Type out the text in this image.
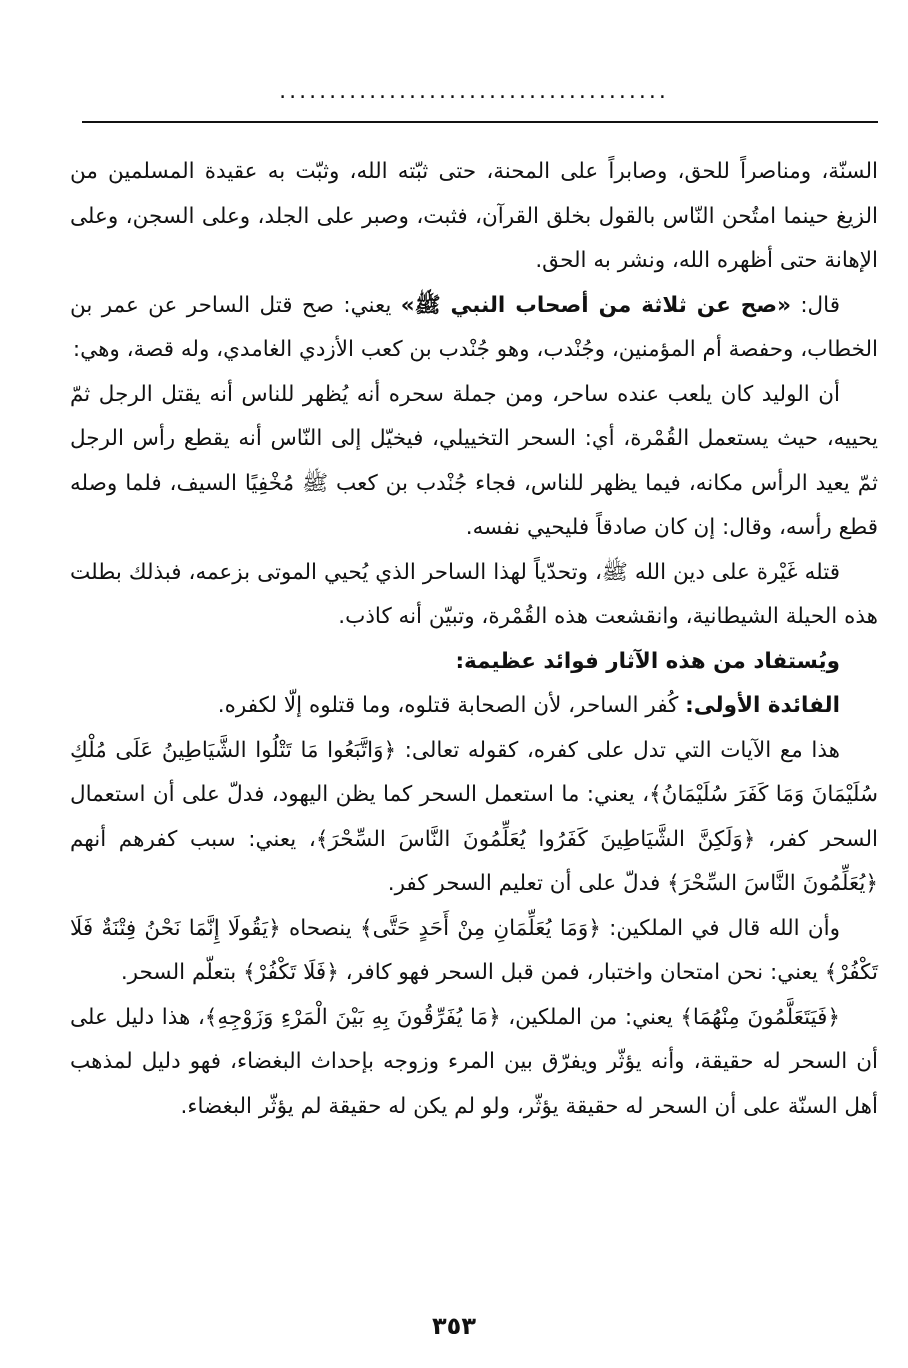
.......................................

السنّة، ومناصراً للحق، وصابراً على المحنة، حتى ثبّته الله، وثبّت به عقيدة المسلمين من الزيغ حينما امتُحن النّاس بالقول بخلق القرآن، فثبت، وصبر على الجلد، وعلى السجن، وعلى الإهانة حتى أظهره الله، ونشر به الحق.

قال: «صح عن ثلاثة من أصحاب النبي ﷺ» يعني: صح قتل الساحر عن عمر بن الخطاب، وحفصة أم المؤمنين، وجُنْدب، وهو جُنْدب بن كعب الأزدي الغامدي، وله قصة، وهي:

أن الوليد كان يلعب عنده ساحر، ومن جملة سحره أنه يُظهر للناس أنه يقتل الرجل ثمّ يحييه، حيث يستعمل القُمْرة، أي: السحر التخييلي، فيخيّل إلى النّاس أنه يقطع رأس الرجل ثمّ يعيد الرأس مكانه، فيما يظهر للناس، فجاء جُنْدب بن كعب ﷺ مُخْفِيًا السيف، فلما وصله قطع رأسه، وقال: إن كان صادقاً فليحيي نفسه.

قتله غَيْرة على دين الله ﷺ، وتحدّياً لهذا الساحر الذي يُحيي الموتى بزعمه، فبذلك بطلت هذه الحيلة الشيطانية، وانقشعت هذه القُمْرة، وتبيّن أنه كاذب.

ويُستفاد من هذه الآثار فوائد عظيمة:

الفائدة الأولى: كُفر الساحر، لأن الصحابة قتلوه، وما قتلوه إلّا لكفره.

هذا مع الآيات التي تدل على كفره، كقوله تعالى: ﴿وَاتَّبَعُوا مَا تَتْلُوا الشَّيَاطِينُ عَلَى مُلْكِ سُلَيْمَانَ وَمَا كَفَرَ سُلَيْمَانُ﴾، يعني: ما استعمل السحر كما يظن اليهود، فدلّ على أن استعمال السحر كفر، ﴿وَلَكِنَّ الشَّيَاطِينَ كَفَرُوا يُعَلِّمُونَ النَّاسَ السِّحْرَ﴾، يعني: سبب كفرهم أنهم ﴿يُعَلِّمُونَ النَّاسَ السِّحْرَ﴾ فدلّ على أن تعليم السحر كفر.

وأن الله قال في الملكين: ﴿وَمَا يُعَلِّمَانِ مِنْ أَحَدٍ حَتَّى﴾ ينصحاه ﴿يَقُولَا إِنَّمَا نَحْنُ فِتْنَةٌ فَلَا تَكْفُرْ﴾ يعني: نحن امتحان واختبار، فمن قبل السحر فهو كافر، ﴿فَلَا تَكْفُرْ﴾ بتعلّم السحر.

﴿فَيَتَعَلَّمُونَ مِنْهُمَا﴾ يعني: من الملكين، ﴿مَا يُفَرِّقُونَ بِهِ بَيْنَ الْمَرْءِ وَزَوْجِهِ﴾، هذا دليل على أن السحر له حقيقة، وأنه يؤثّر ويفرّق بين المرء وزوجه بإحداث البغضاء، فهو دليل لمذهب أهل السنّة على أن السحر له حقيقة يؤثّر، ولو لم يكن له حقيقة لم يؤثّر البغضاء.

٣٥٣
